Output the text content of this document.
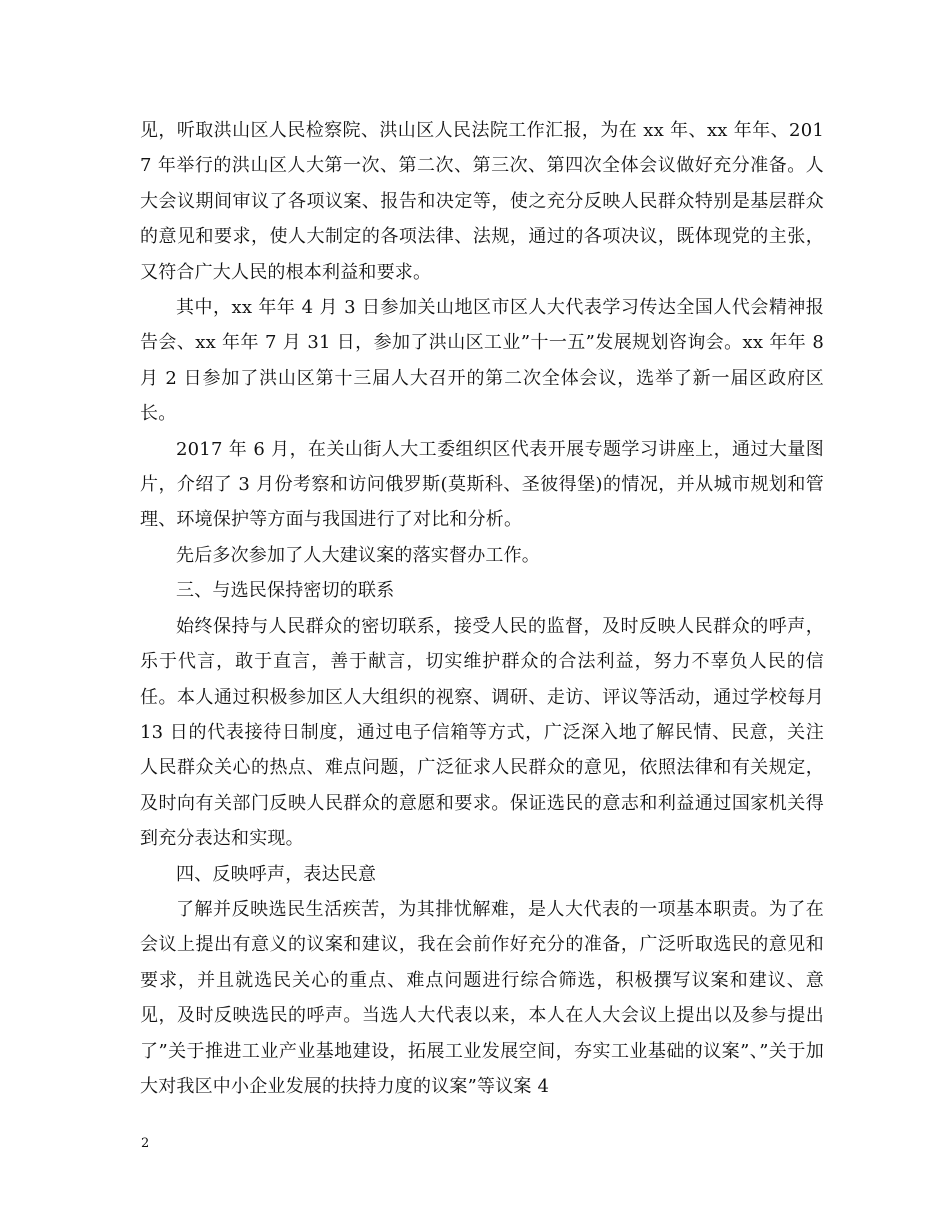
见，听取洪山区人民检察院、洪山区人民法院工作汇报，为在 xx 年、xx 年年、2017 年举行的洪山区人大第一次、第二次、第三次、第四次全体会议做好充分准备。人大会议期间审议了各项议案、报告和决定等，使之充分反映人民群众特别是基层群众的意见和要求，使人大制定的各项法律、法规，通过的各项决议，既体现党的主张，又符合广大人民的根本利益和要求。

其中，xx 年年 4 月 3 日参加关山地区市区人大代表学习传达全国人代会精神报告会、xx 年年 7 月 31 日，参加了洪山区工业”十一五”发展规划咨询会。xx 年年 8 月 2 日参加了洪山区第十三届人大召开的第二次全体会议，选举了新一届区政府区长。

2017 年 6 月，在关山街人大工委组织区代表开展专题学习讲座上，通过大量图片，介绍了 3 月份考察和访问俄罗斯(莫斯科、圣彼得堡)的情况，并从城市规划和管理、环境保护等方面与我国进行了对比和分析。

先后多次参加了人大建议案的落实督办工作。

三、与选民保持密切的联系

始终保持与人民群众的密切联系，接受人民的监督，及时反映人民群众的呼声，乐于代言，敢于直言，善于献言，切实维护群众的合法利益，努力不辜负人民的信任。本人通过积极参加区人大组织的视察、调研、走访、评议等活动，通过学校每月 13 日的代表接待日制度，通过电子信箱等方式，广泛深入地了解民情、民意，关注人民群众关心的热点、难点问题，广泛征求人民群众的意见，依照法律和有关规定，及时向有关部门反映人民群众的意愿和要求。保证选民的意志和利益通过国家机关得到充分表达和实现。

四、反映呼声，表达民意

了解并反映选民生活疾苦，为其排忧解难，是人大代表的一项基本职责。为了在会议上提出有意义的议案和建议，我在会前作好充分的准备，广泛听取选民的意见和要求，并且就选民关心的重点、难点问题进行综合筛选，积极撰写议案和建议、意见，及时反映选民的呼声。当选人大代表以来，本人在人大会议上提出以及参与提出了”关于推进工业产业基地建设，拓展工业发展空间，夯实工业基础的议案”、”关于加大对我区中小企业发展的扶持力度的议案”等议案 4

2
